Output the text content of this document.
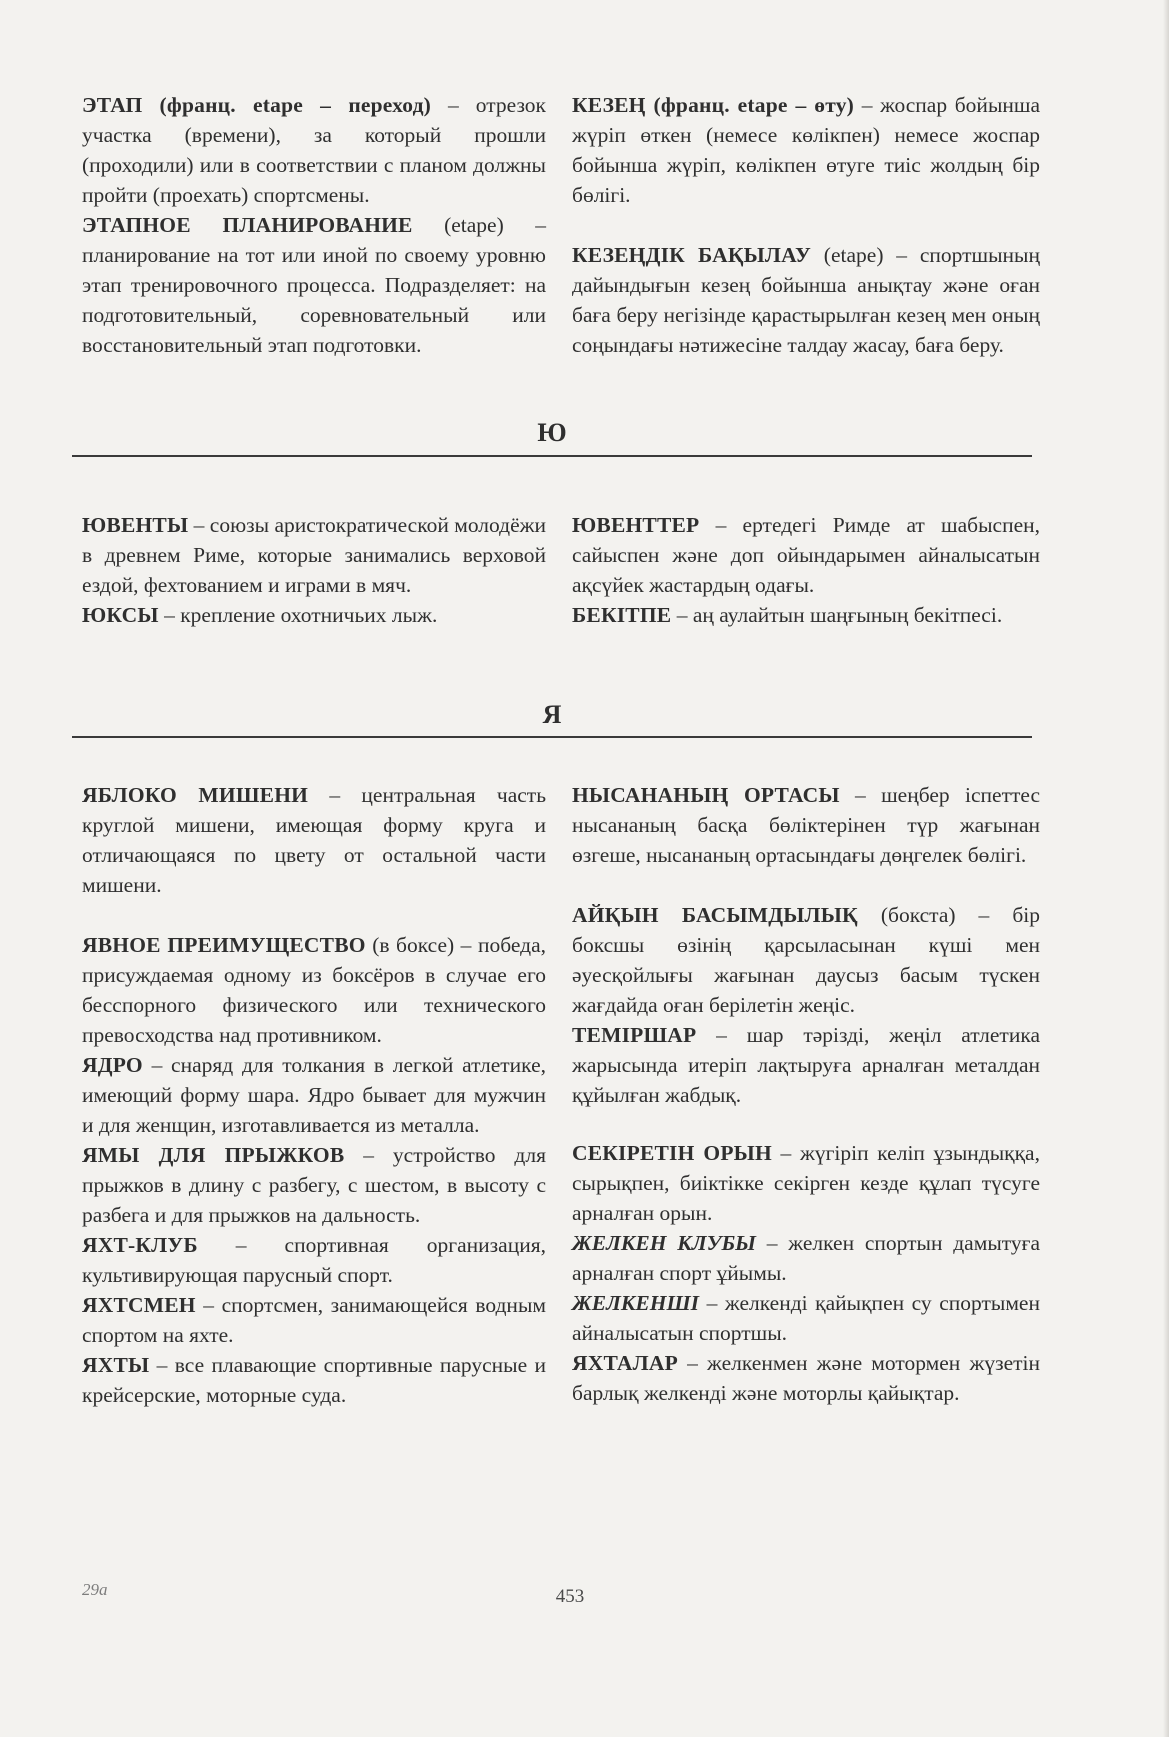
ЭТАП (франц. etape – переход) – отрезок участка (времени), за который прошли (проходили) или в соответствии с планом должны пройти (проехать) спортсмены.

ЭТАПНОЕ ПЛАНИРОВАНИЕ (etape) – планирование на тот или иной по своему уровню этап тренировочного процесса. Подразделяет: на подготовительный, соревновательный или восстановительный этап подготовки.

КЕЗЕҢ (франц. etape – өту) – жоспар бойынша жүріп өткен (немесе көлікпен) немесе жоспар бойынша жүріп, көлікпен өтуге тиіс жолдың бір бөлігі.

КЕЗЕҢДІК БАҚЫЛАУ (etape) – спортшының дайындығын кезең бойынша анықтау және оған баға беру негізінде қарастырылған кезең мен оның соңындағы нәтижесіне талдау жасау, баға беру.

Ю

ЮВЕНТЫ – союзы аристократической молодёжи в древнем Риме, которые занимались верховой ездой, фехтованием и играми в мяч.

ЮКСЫ – крепление охотничьих лыж.

ЮВЕНТТЕР – ертедегі Римде ат шабыспен, сайыспен және доп ойындарымен айналысатын ақсүйек жастардың одағы.

БЕКІТПЕ – аң аулайтын шаңғының бекітпесі.

Я

ЯБЛОКО МИШЕНИ – центральная часть круглой мишени, имеющая форму круга и отличающаяся по цвету от остальной части мишени.

ЯВНОЕ ПРЕИМУЩЕСТВО (в боксе) – победа, присуждаемая одному из боксёров в случае его бесспорного физического или технического превосходства над противником.

ЯДРО – снаряд для толкания в легкой атлетике, имеющий форму шара. Ядро бывает для мужчин и для женщин, изготавливается из металла.

ЯМЫ ДЛЯ ПРЫЖКОВ – устройство для прыжков в длину с разбегу, с шестом, в высоту с разбега и для прыжков на дальность.

ЯХТ-КЛУБ – спортивная организация, культивирующая парусный спорт.

ЯХТСМЕН – спортсмен, занимающейся водным спортом на яхте.

ЯХТЫ – все плавающие спортивные парусные и крейсерские, моторные суда.

НЫСАНАНЫҢ ОРТАСЫ – шеңбер іспеттес нысананың басқа бөліктерінен түр жағынан өзгеше, нысананың ортасындағы дөңгелек бөлігі.

АЙҚЫН БАСЫМДЫЛЫҚ (бокста) – бір боксшы өзінің қарсыласынан күші мен әуесқойлығы жағынан даусыз басым түскен жағдайда оған берілетін жеңіс.

ТЕМІРШАР – шар тәрізді, жеңіл атлетика жарысында итеріп лақтыруға арналған металдан құйылған жабдық.

СЕКІРЕТІН ОРЫН – жүгіріп келіп ұзындыққа, сырықпен, биіктікке секірген кезде құлап түсуге арналған орын.

ЖЕЛКЕН КЛУБЫ – желкен спортын дамытуға арналған спорт ұйымы.

ЖЕЛКЕНШІ – желкенді қайықпен су спортымен айналысатын спортшы.

ЯХТАЛАР – желкенмен және мотормен жүзетін барлық желкенді және моторлы қайықтар.

29a	453
